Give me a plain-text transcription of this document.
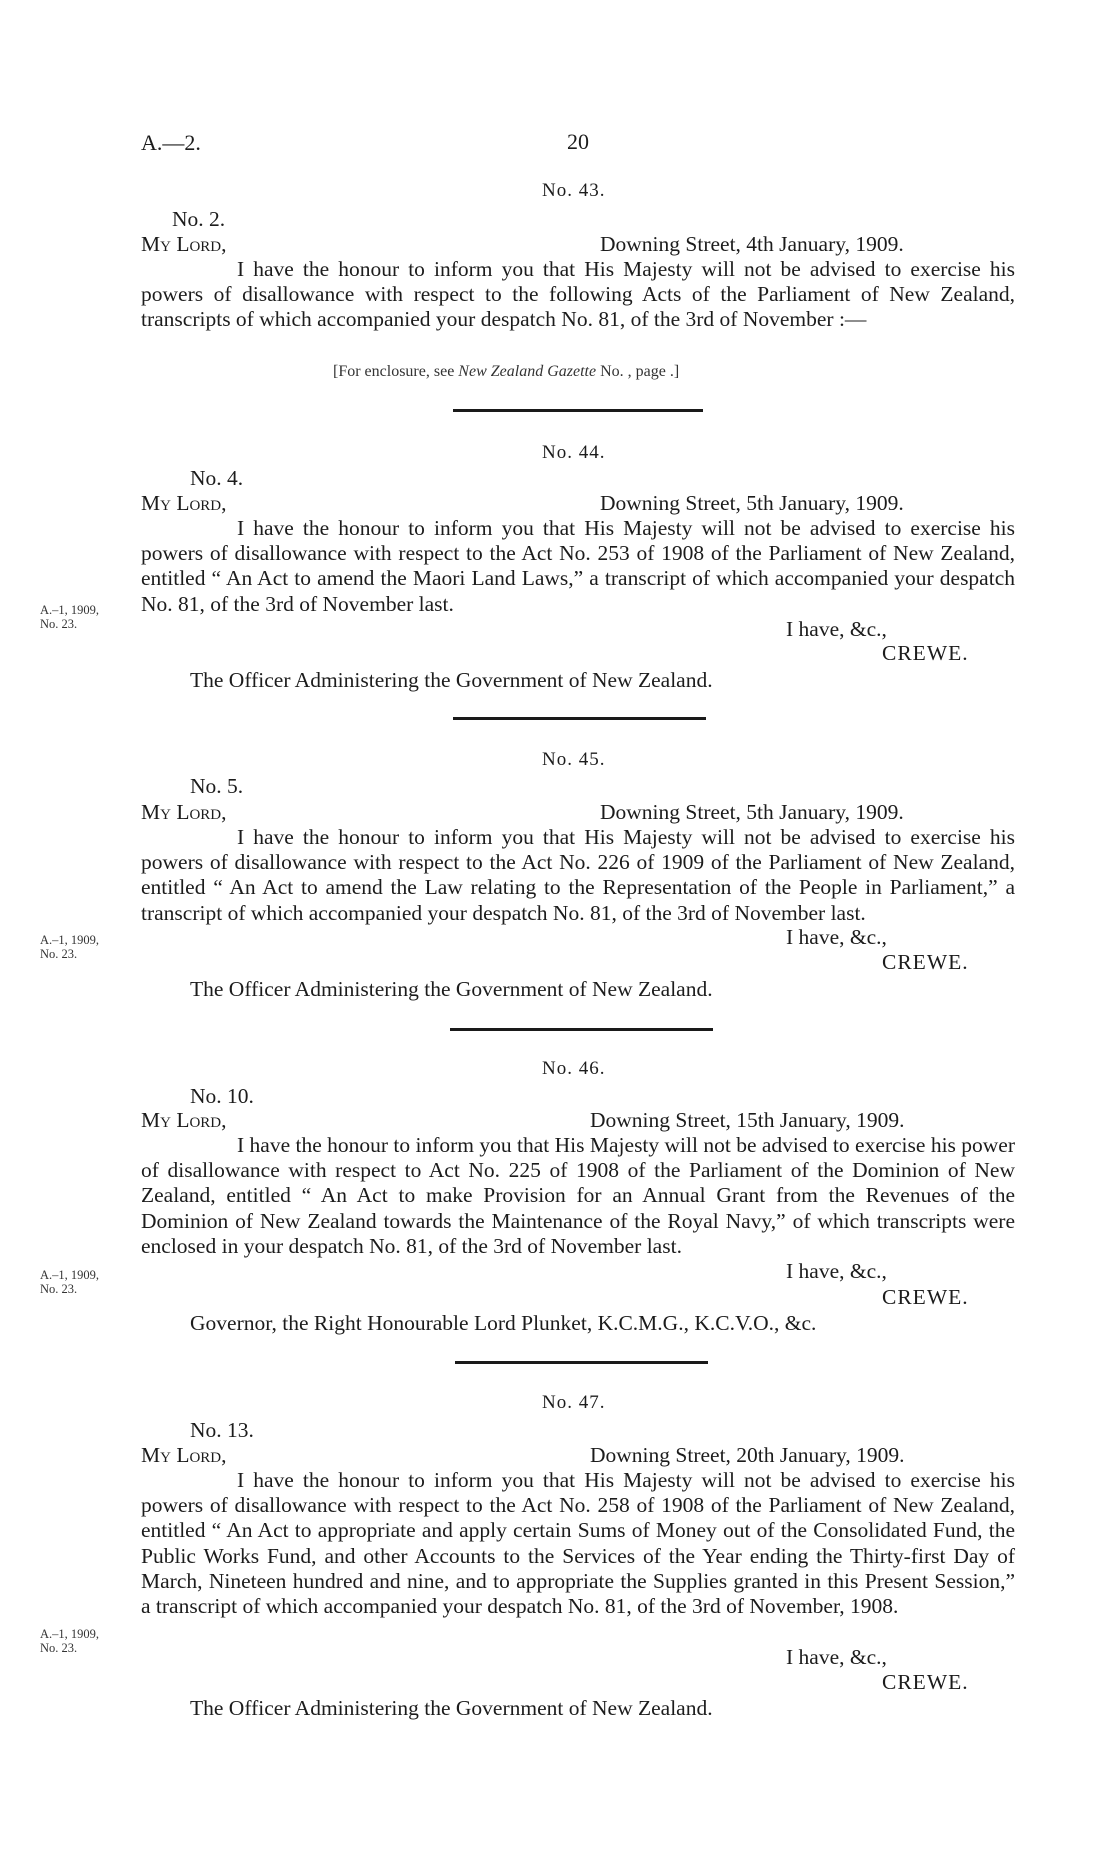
A.—2.	20
No. 43.
No. 2.
My Lord,	Downing Street, 4th January, 1909.
I have the honour to inform you that His Majesty will not be advised to exercise his powers of disallowance with respect to the following Acts of the Parliament of New Zealand, transcripts of which accompanied your despatch No. 81, of the 3rd of November :—
[For enclosure, see New Zealand Gazette No. , page .]
No. 44.
No. 4.
My Lord,	Downing Street, 5th January, 1909.
I have the honour to inform you that His Majesty will not be advised to exercise his powers of disallowance with respect to the Act No. 253 of 1908 of the Parliament of New Zealand, entitled “ An Act to amend the Maori Land Laws,” a transcript of which accompanied your despatch No. 81, of the 3rd of November last.
A.–1, 1909,
No. 23.	I have, &c.,
CREWE.
The Officer Administering the Government of New Zealand.
No. 45.
No. 5.
My Lord,	Downing Street, 5th January, 1909.
I have the honour to inform you that His Majesty will not be advised to exercise his powers of disallowance with respect to the Act No. 226 of 1909 of the Parliament of New Zealand, entitled “ An Act to amend the Law relating to the Representation of the People in Parliament,” a transcript of which accompanied your despatch No. 81, of the 3rd of November last.
A.–1, 1909,
No. 23.
I have, &c.,
CREWE.
The Officer Administering the Government of New Zealand.
No. 46.
No. 10.
My Lord,	Downing Street, 15th January, 1909.
I have the honour to inform you that His Majesty will not be advised to exercise his power of disallowance with respect to Act No. 225 of 1908 of the Parliament of the Dominion of New Zealand, entitled “ An Act to make Provision for an Annual Grant from the Revenues of the Dominion of New Zealand towards the Maintenance of the Royal Navy,” of which transcripts were enclosed in your despatch No. 81, of the 3rd of November last.
A.–1, 1909,
No. 23.
I have, &c.,
CREWE.
Governor, the Right Honourable Lord Plunket, K.C.M.G., K.C.V.O., &c.
No. 47.
No. 13.
My Lord,	Downing Street, 20th January, 1909.
I have the honour to inform you that His Majesty will not be advised to exercise his powers of disallowance with respect to the Act No. 258 of 1908 of the Parliament of New Zealand, entitled “ An Act to appropriate and apply certain Sums of Money out of the Consolidated Fund, the Public Works Fund, and other Accounts to the Services of the Year ending the Thirty-first Day of March, Nineteen hundred and nine, and to appropriate the Supplies granted in this Present Session,” a transcript of which accompanied your despatch No. 81, of the 3rd of November, 1908.
A.–1, 1909,
No. 23.	I have, &c.,
CREWE.
The Officer Administering the Government of New Zealand.
